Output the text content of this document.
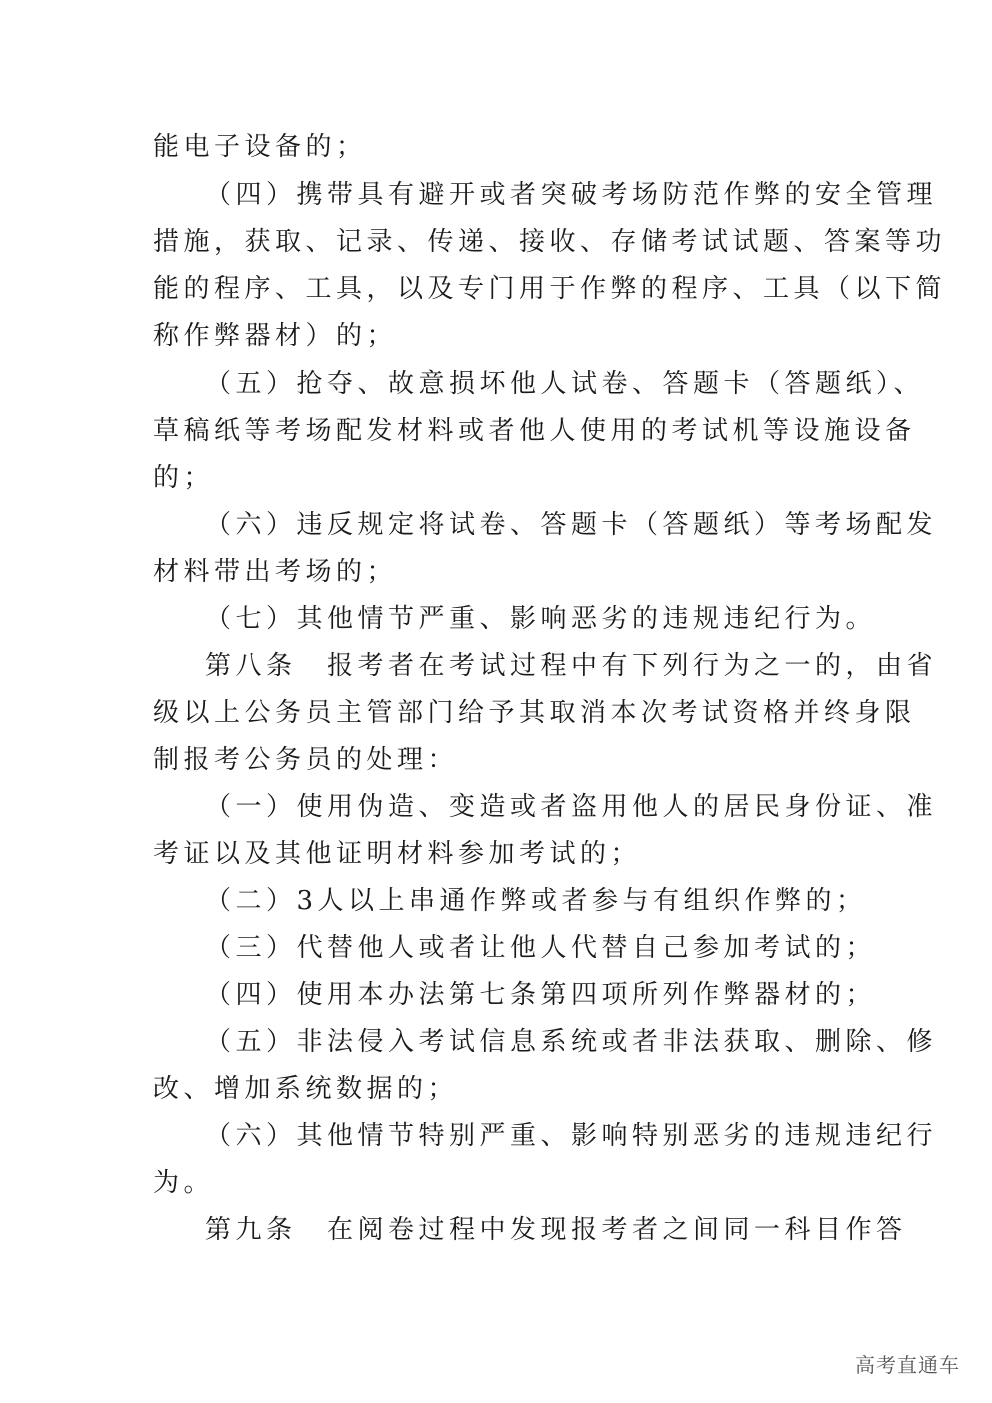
能电子设备的；
（四）携带具有避开或者突破考场防范作弊的安全管理
措施，获取、记录、传递、接收、存储考试试题、答案等功
能的程序、工具，以及专门用于作弊的程序、工具（以下简
称作弊器材）的；
（五）抢夺、故意损坏他人试卷、答题卡（答题纸）、
草稿纸等考场配发材料或者他人使用的考试机等设施设备
的；
（六）违反规定将试卷、答题卡（答题纸）等考场配发
材料带出考场的；
（七）其他情节严重、影响恶劣的违规违纪行为。
第八条　报考者在考试过程中有下列行为之一的，由省
级以上公务员主管部门给予其取消本次考试资格并终身限
制报考公务员的处理：
（一）使用伪造、变造或者盗用他人的居民身份证、准
考证以及其他证明材料参加考试的；
（二）3人以上串通作弊或者参与有组织作弊的；
（三）代替他人或者让他人代替自己参加考试的；
（四）使用本办法第七条第四项所列作弊器材的；
（五）非法侵入考试信息系统或者非法获取、删除、修
改、增加系统数据的；
（六）其他情节特别严重、影响特别恶劣的违规违纪行
为。
第九条　在阅卷过程中发现报考者之间同一科目作答
高考直通车
